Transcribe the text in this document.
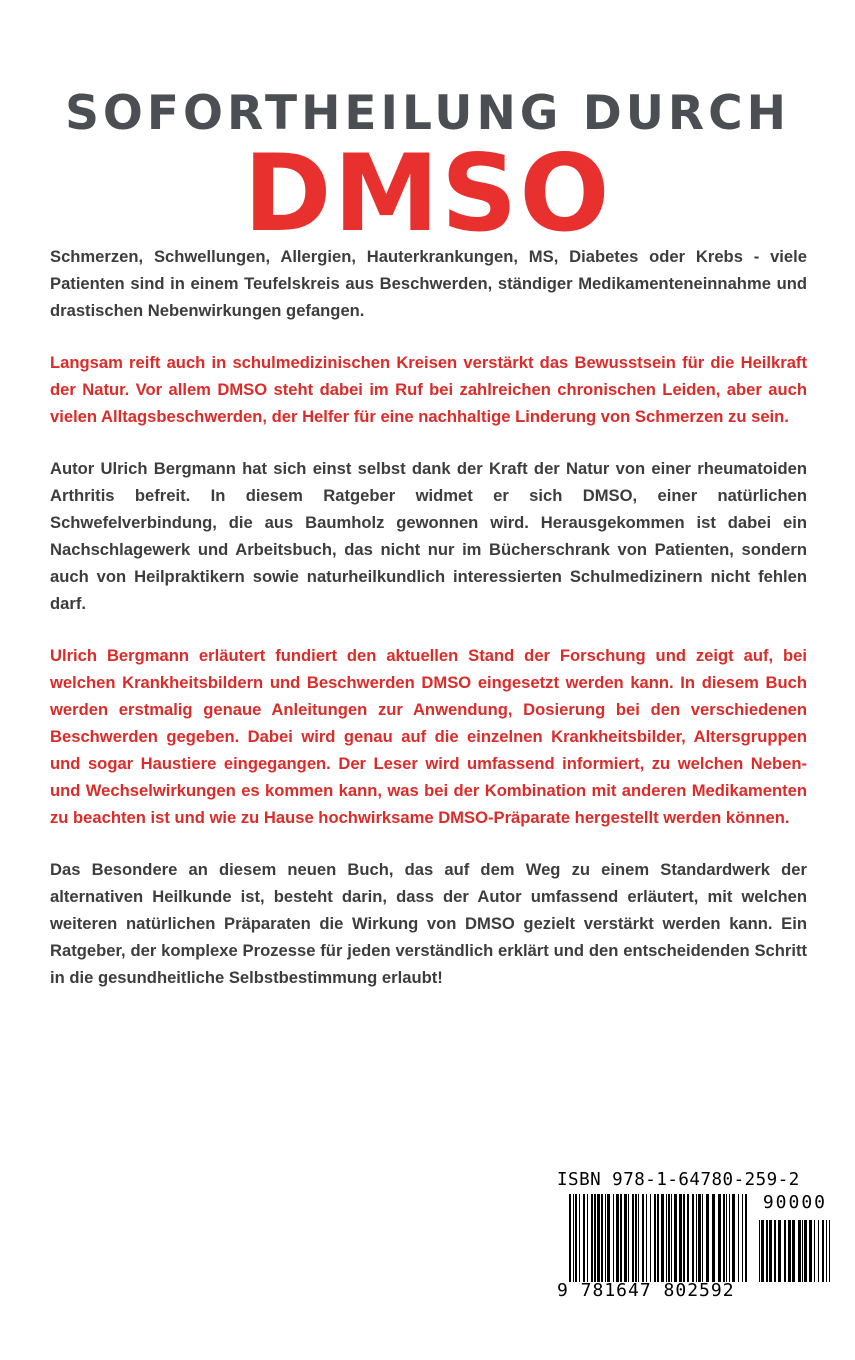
SOFORTHEILUNG DURCH
DMSO

Schmerzen, Schwellungen, Allergien, Hauterkrankungen, MS, Diabetes oder Krebs - viele Patienten sind in einem Teufelskreis aus Beschwerden, ständiger Medikamenteneinnahme und drastischen Nebenwirkungen gefangen.

Langsam reift auch in schulmedizinischen Kreisen verstärkt das Bewusstsein für die Heilkraft der Natur. Vor allem DMSO steht dabei im Ruf bei zahlreichen chronischen Leiden, aber auch vielen Alltagsbeschwerden, der Helfer für eine nachhaltige Linderung von Schmerzen zu sein.

Autor Ulrich Bergmann hat sich einst selbst dank der Kraft der Natur von einer rheumatoiden Arthritis befreit. In diesem Ratgeber widmet er sich DMSO, einer natürlichen Schwefelverbindung, die aus Baumholz gewonnen wird. Herausgekommen ist dabei ein Nachschlagewerk und Arbeitsbuch, das nicht nur im Bücherschrank von Patienten, sondern auch von Heilpraktikern sowie naturheilkundlich interessierten Schulmedizinern nicht fehlen darf.

Ulrich Bergmann erläutert fundiert den aktuellen Stand der Forschung und zeigt auf, bei welchen Krankheitsbildern und Beschwerden DMSO eingesetzt werden kann. In diesem Buch werden erstmalig genaue Anleitungen zur Anwendung, Dosierung bei den verschiedenen Beschwerden gegeben. Dabei wird genau auf die einzelnen Krankheitsbilder, Altersgruppen und sogar Haustiere eingegangen. Der Leser wird umfassend informiert, zu welchen Neben- und Wechselwirkungen es kommen kann, was bei der Kombination mit anderen Medikamenten zu beachten ist und wie zu Hause hochwirksame DMSO-Präparate hergestellt werden können.

Das Besondere an diesem neuen Buch, das auf dem Weg zu einem Standardwerk der alternativen Heilkunde ist, besteht darin, dass der Autor umfassend erläutert, mit welchen weiteren natürlichen Präparaten die Wirkung von DMSO gezielt verstärkt werden kann. Ein Ratgeber, der komplexe Prozesse für jeden verständlich erklärt und den entscheidenden Schritt in die gesundheitliche Selbstbestimmung erlaubt!

ISBN 978-1-64780-259-2
90000
9 781647 802592
